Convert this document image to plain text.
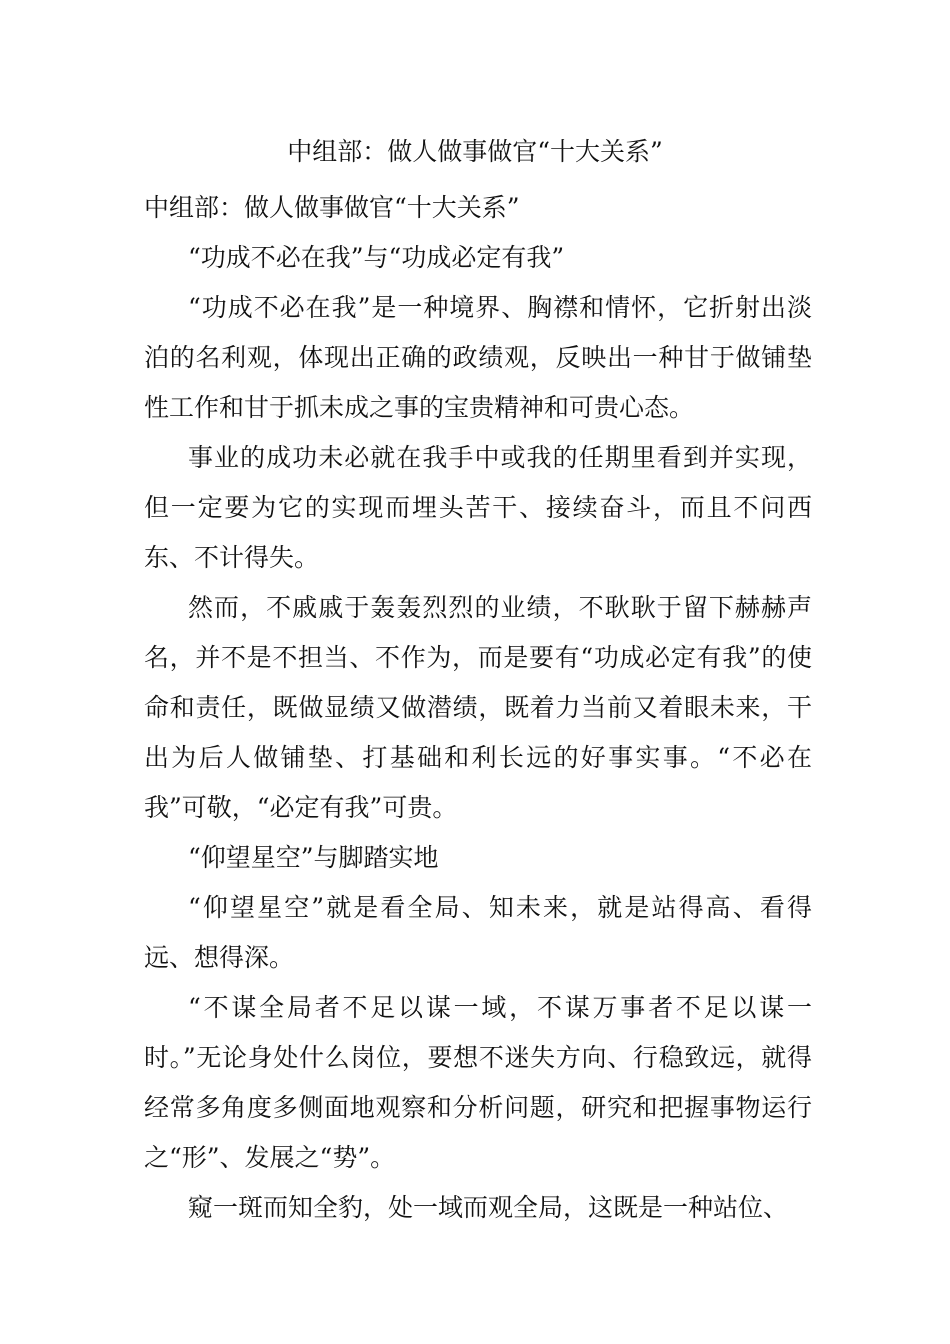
中组部：做人做事做官“十大关系”

中组部：做人做事做官“十大关系”

“功成不必在我”与“功成必定有我”

“功成不必在我”是一种境界、胸襟和情怀，它折射出淡泊的名利观，体现出正确的政绩观，反映出一种甘于做铺垫性工作和甘于抓未成之事的宝贵精神和可贵心态。

事业的成功未必就在我手中或我的任期里看到并实现，但一定要为它的实现而埋头苦干、接续奋斗，而且不问西东、不计得失。

然而，不戚戚于轰轰烈烈的业绩，不耿耿于留下赫赫声名，并不是不担当、不作为，而是要有“功成必定有我”的使命和责任，既做显绩又做潜绩，既着力当前又着眼未来，干出为后人做铺垫、打基础和利长远的好事实事。“不必在我”可敬，“必定有我”可贵。

“仰望星空”与脚踏实地

“仰望星空”就是看全局、知未来，就是站得高、看得远、想得深。

“不谋全局者不足以谋一域，不谋万事者不足以谋一时。”无论身处什么岗位，要想不迷失方向、行稳致远，就得经常多角度多侧面地观察和分析问题，研究和把握事物运行之“形”、发展之“势”。

窥一斑而知全豹，处一域而观全局，这既是一种站位、
